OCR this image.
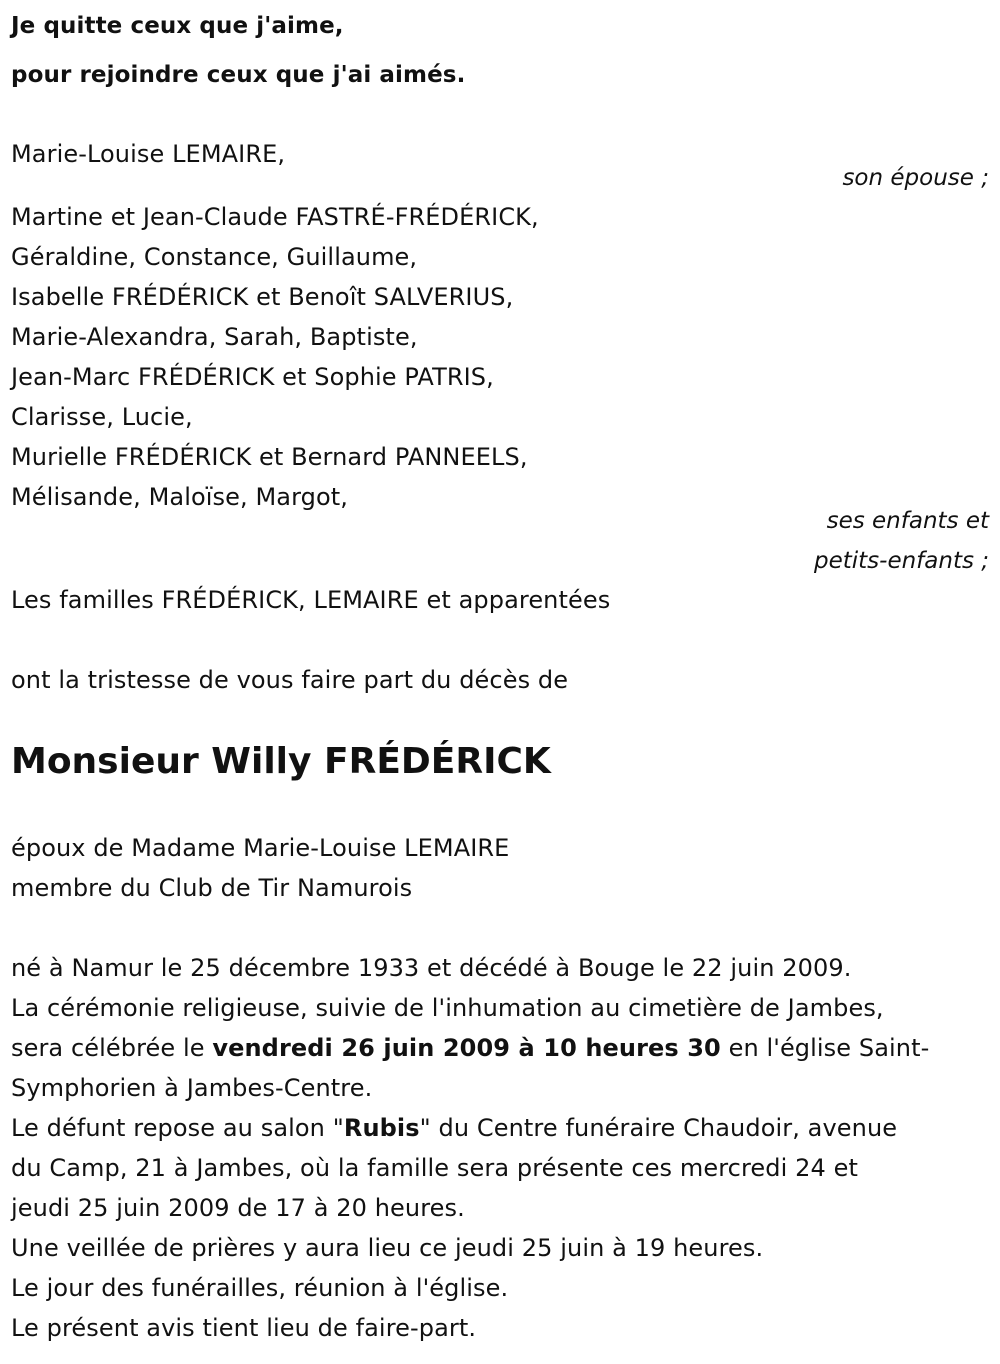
Je quitte ceux que j'aime,

pour rejoindre ceux que j'ai aimés.

Marie-Louise LEMAIRE,

son épouse ;

Martine et Jean-Claude FASTRÉ-FRÉDÉRICK,

Géraldine, Constance, Guillaume,

Isabelle FRÉDÉRICK et Benoît SALVERIUS,

Marie-Alexandra, Sarah, Baptiste,

Jean-Marc FRÉDÉRICK et Sophie PATRIS,

Clarisse, Lucie,

Murielle FRÉDÉRICK et Bernard PANNEELS,

Mélisande, Maloïse, Margot,

ses enfants et

petits-enfants ;

Les familles FRÉDÉRICK, LEMAIRE et apparentées

ont la tristesse de vous faire part du décès de

Monsieur Willy FRÉDÉRICK

époux de Madame Marie-Louise LEMAIRE

membre du Club de Tir Namurois

né à Namur le 25 décembre 1933 et décédé à Bouge le 22 juin 2009.

La cérémonie religieuse, suivie de l'inhumation au cimetière de Jambes,

sera célébrée le vendredi 26 juin 2009 à 10 heures 30 en l'église Saint-

Symphorien à Jambes-Centre.

Le défunt repose au salon "Rubis" du Centre funéraire Chaudoir, avenue

du Camp, 21 à Jambes, où la famille sera présente ces mercredi 24 et

jeudi 25 juin 2009 de 17 à 20 heures.

Une veillée de prières y aura lieu ce jeudi 25 juin à 19 heures.

Le jour des funérailles, réunion à l'église.

Le présent avis tient lieu de faire-part.
